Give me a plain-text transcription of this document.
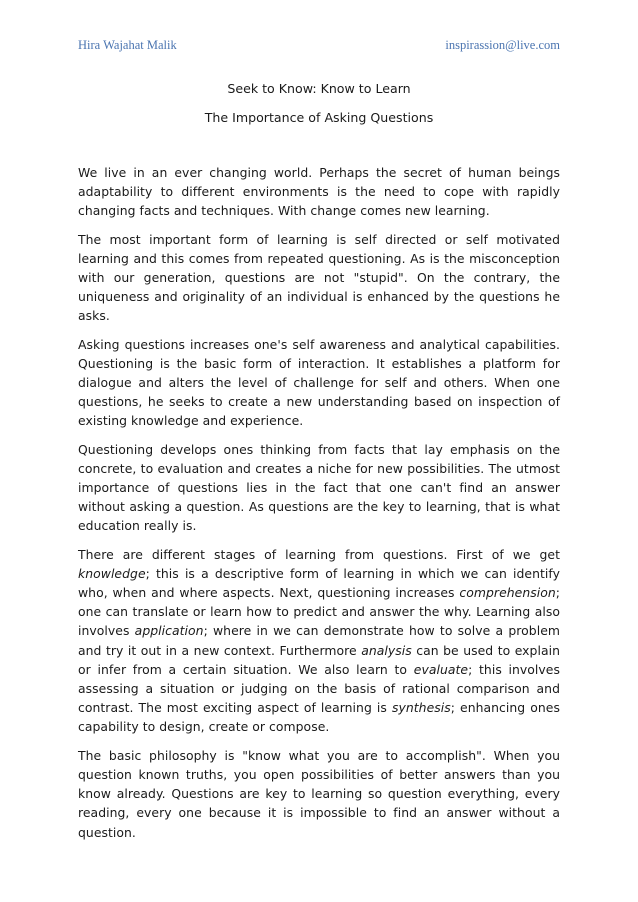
Hira Wajahat Malik	inspirassion@live.com

Seek to Know: Know to Learn

The Importance of Asking Questions

We live in an ever changing world. Perhaps the secret of human beings adaptability to different environments is the need to cope with rapidly changing facts and techniques. With change comes new learning.

The most important form of learning is self directed or self motivated learning and this comes from repeated questioning. As is the misconception with our generation, questions are not "stupid". On the contrary, the uniqueness and originality of an individual is enhanced by the questions he asks.

Asking questions increases one's self awareness and analytical capabilities. Questioning is the basic form of interaction. It establishes a platform for dialogue and alters the level of challenge for self and others. When one questions, he seeks to create a new understanding based on inspection of existing knowledge and experience.

Questioning develops ones thinking from facts that lay emphasis on the concrete, to evaluation and creates a niche for new possibilities. The utmost importance of questions lies in the fact that one can't find an answer without asking a question. As questions are the key to learning, that is what education really is.

There are different stages of learning from questions. First of we get knowledge; this is a descriptive form of learning in which we can identify who, when and where aspects. Next, questioning increases comprehension; one can translate or learn how to predict and answer the why. Learning also involves application; where in we can demonstrate how to solve a problem and try it out in a new context. Furthermore analysis can be used to explain or infer from a certain situation. We also learn to evaluate; this involves assessing a situation or judging on the basis of rational comparison and contrast. The most exciting aspect of learning is synthesis; enhancing ones capability to design, create or compose.

The basic philosophy is "know what you are to accomplish". When you question known truths, you open possibilities of better answers than you know already. Questions are key to learning so question everything, every reading, every one because it is impossible to find an answer without a question.
